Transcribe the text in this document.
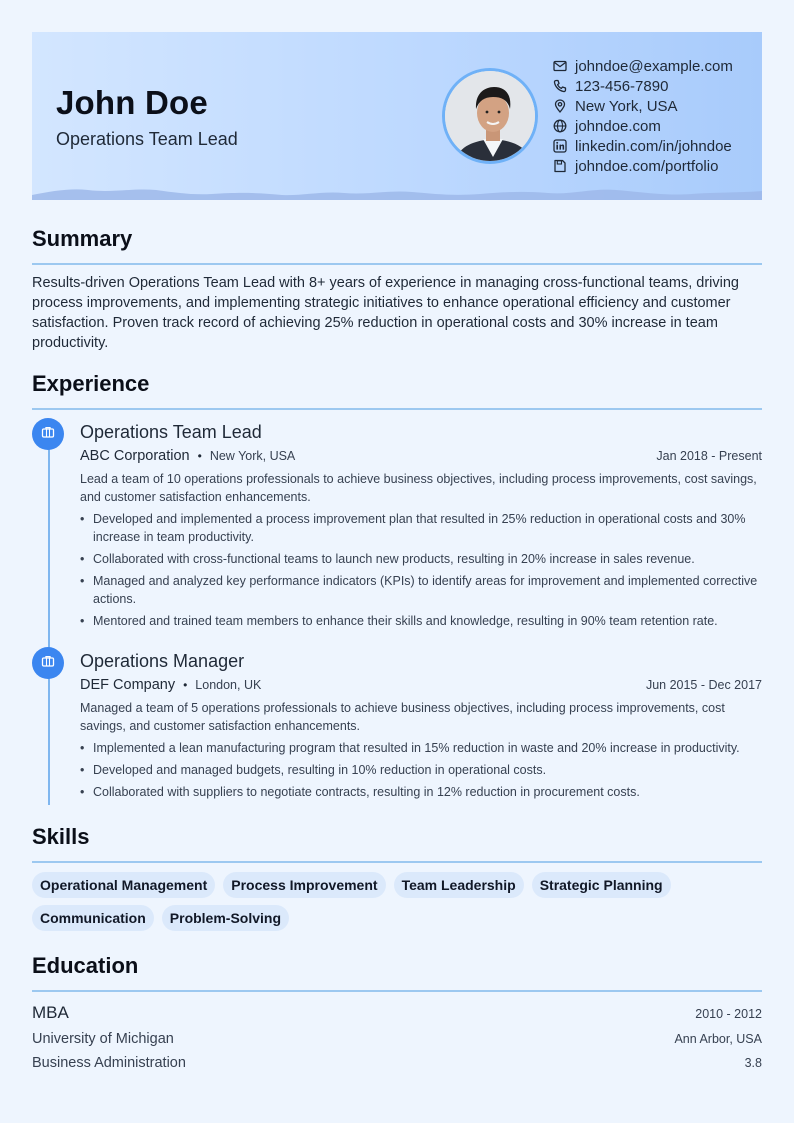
John Doe
Operations Team Lead
johndoe@example.com
123-456-7890
New York, USA
johndoe.com
linkedin.com/in/johndoe
johndoe.com/portfolio
Summary
Results-driven Operations Team Lead with 8+ years of experience in managing cross-functional teams, driving process improvements, and implementing strategic initiatives to enhance operational efficiency and customer satisfaction. Proven track record of achieving 25% reduction in operational costs and 30% increase in team productivity.
Experience
Operations Team Lead
ABC Corporation • New York, USA	Jan 2018 - Present
Lead a team of 10 operations professionals to achieve business objectives, including process improvements, cost savings, and customer satisfaction enhancements.
• Developed and implemented a process improvement plan that resulted in 25% reduction in operational costs and 30% increase in team productivity.
• Collaborated with cross-functional teams to launch new products, resulting in 20% increase in sales revenue.
• Managed and analyzed key performance indicators (KPIs) to identify areas for improvement and implemented corrective actions.
• Mentored and trained team members to enhance their skills and knowledge, resulting in 90% team retention rate.
Operations Manager
DEF Company • London, UK	Jun 2015 - Dec 2017
Managed a team of 5 operations professionals to achieve business objectives, including process improvements, cost savings, and customer satisfaction enhancements.
• Implemented a lean manufacturing program that resulted in 15% reduction in waste and 20% increase in productivity.
• Developed and managed budgets, resulting in 10% reduction in operational costs.
• Collaborated with suppliers to negotiate contracts, resulting in 12% reduction in procurement costs.
Skills
Operational Management	Process Improvement	Team Leadership	Strategic Planning
Communication	Problem-Solving
Education
MBA	2010 - 2012
University of Michigan	Ann Arbor, USA
Business Administration	3.8
